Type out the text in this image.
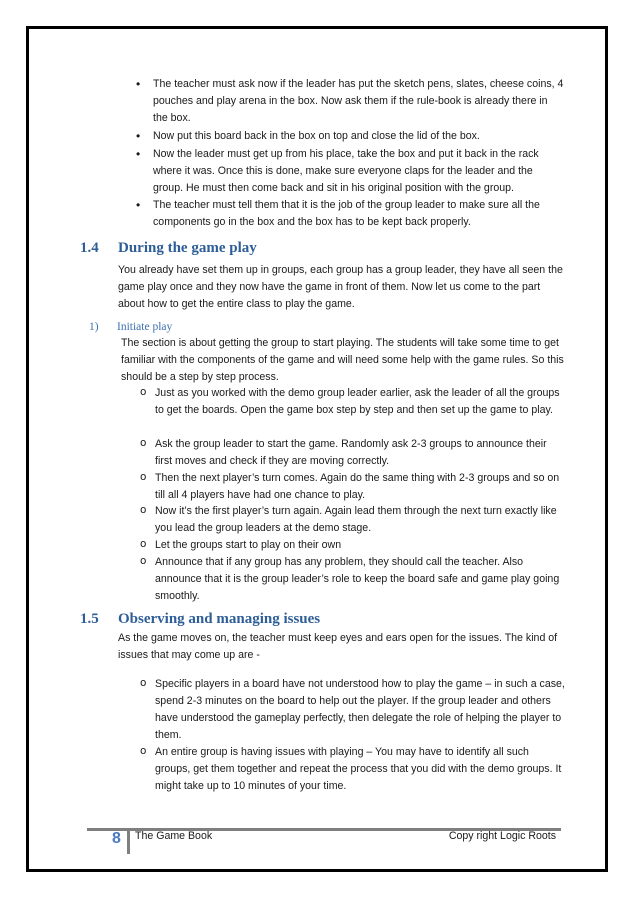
• The teacher must ask now if the leader has put the sketch pens, slates, cheese coins, 4 pouches and play arena in the box. Now ask them if the rule-book is already there in the box.
• Now put this board back in the box on top and close the lid of the box.
• Now the leader must get up from his place, take the box and put it back in the rack where it was. Once this is done, make sure everyone claps for the leader and the group. He must then come back and sit in his original position with the group.
• The teacher must tell them that it is the job of the group leader to make sure all the components go in the box and the box has to be kept back properly.
1.4 During the game play
You already have set them up in groups, each group has a group leader, they have all seen the game play once and they now have the game in front of them. Now let us come to the part about how to get the entire class to play the game.
1) Initiate play
The section is about getting the group to start playing. The students will take some time to get familiar with the components of the game and will need some help with the game rules. So this should be a step by step process.
o Just as you worked with the demo group leader earlier, ask the leader of all the groups to get the boards. Open the game box step by step and then set up the game to play.
o Ask the group leader to start the game. Randomly ask 2-3 groups to announce their first moves and check if they are moving correctly.
o Then the next player’s turn comes. Again do the same thing with 2-3 groups and so on till all 4 players have had one chance to play.
o Now it’s the first player’s turn again. Again lead them through the next turn exactly like you lead the group leaders at the demo stage.
o Let the groups start to play on their own
o Announce that if any group has any problem, they should call the teacher. Also announce that it is the group leader’s role to keep the board safe and game play going smoothly.
1.5 Observing and managing issues
As the game moves on, the teacher must keep eyes and ears open for the issues. The kind of issues that may come up are -
o Specific players in a board have not understood how to play the game – in such a case, spend 2-3 minutes on the board to help out the player. If the group leader and others have understood the gameplay perfectly, then delegate the role of helping the player to them.
o An entire group is having issues with playing – You may have to identify all such groups, get them together and repeat the process that you did with the demo groups. It might take up to 10 minutes of your time.
8 The Game Book	Copy right Logic Roots
